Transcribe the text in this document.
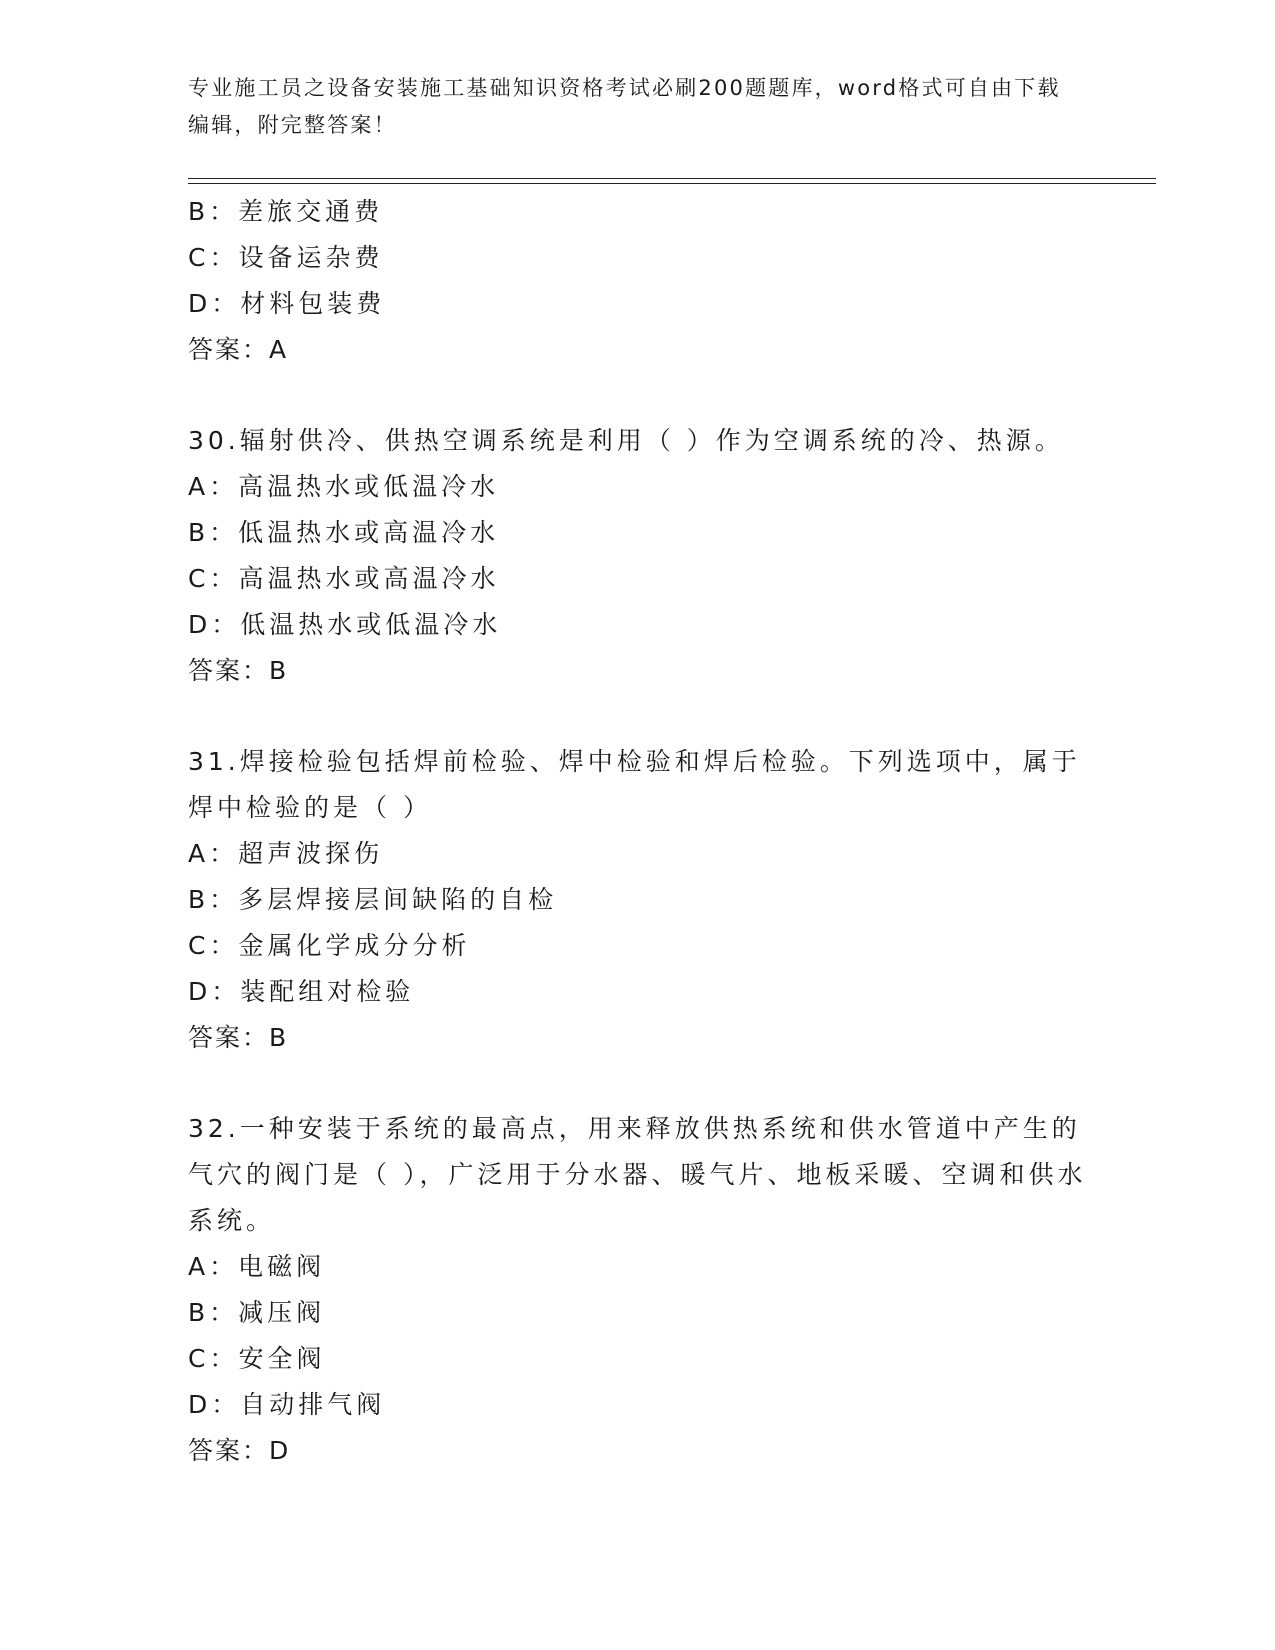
专业施工员之设备安装施工基础知识资格考试必刷200题题库，word格式可自由下载编辑，附完整答案！
B：差旅交通费
C：设备运杂费
D：材料包装费
答案：A
30.辐射供冷、供热空调系统是利用（ ）作为空调系统的冷、热源。
A：高温热水或低温冷水
B：低温热水或高温冷水
C：高温热水或高温冷水
D：低温热水或低温冷水
答案：B
31.焊接检验包括焊前检验、焊中检验和焊后检验。下列选项中，属于焊中检验的是（ ）
A：超声波探伤
B：多层焊接层间缺陷的自检
C：金属化学成分分析
D：装配组对检验
答案：B
32.一种安装于系统的最高点，用来释放供热系统和供水管道中产生的气穴的阀门是（ ），广泛用于分水器、暖气片、地板采暖、空调和供水系统。
A：电磁阀
B：减压阀
C：安全阀
D：自动排气阀
答案：D
